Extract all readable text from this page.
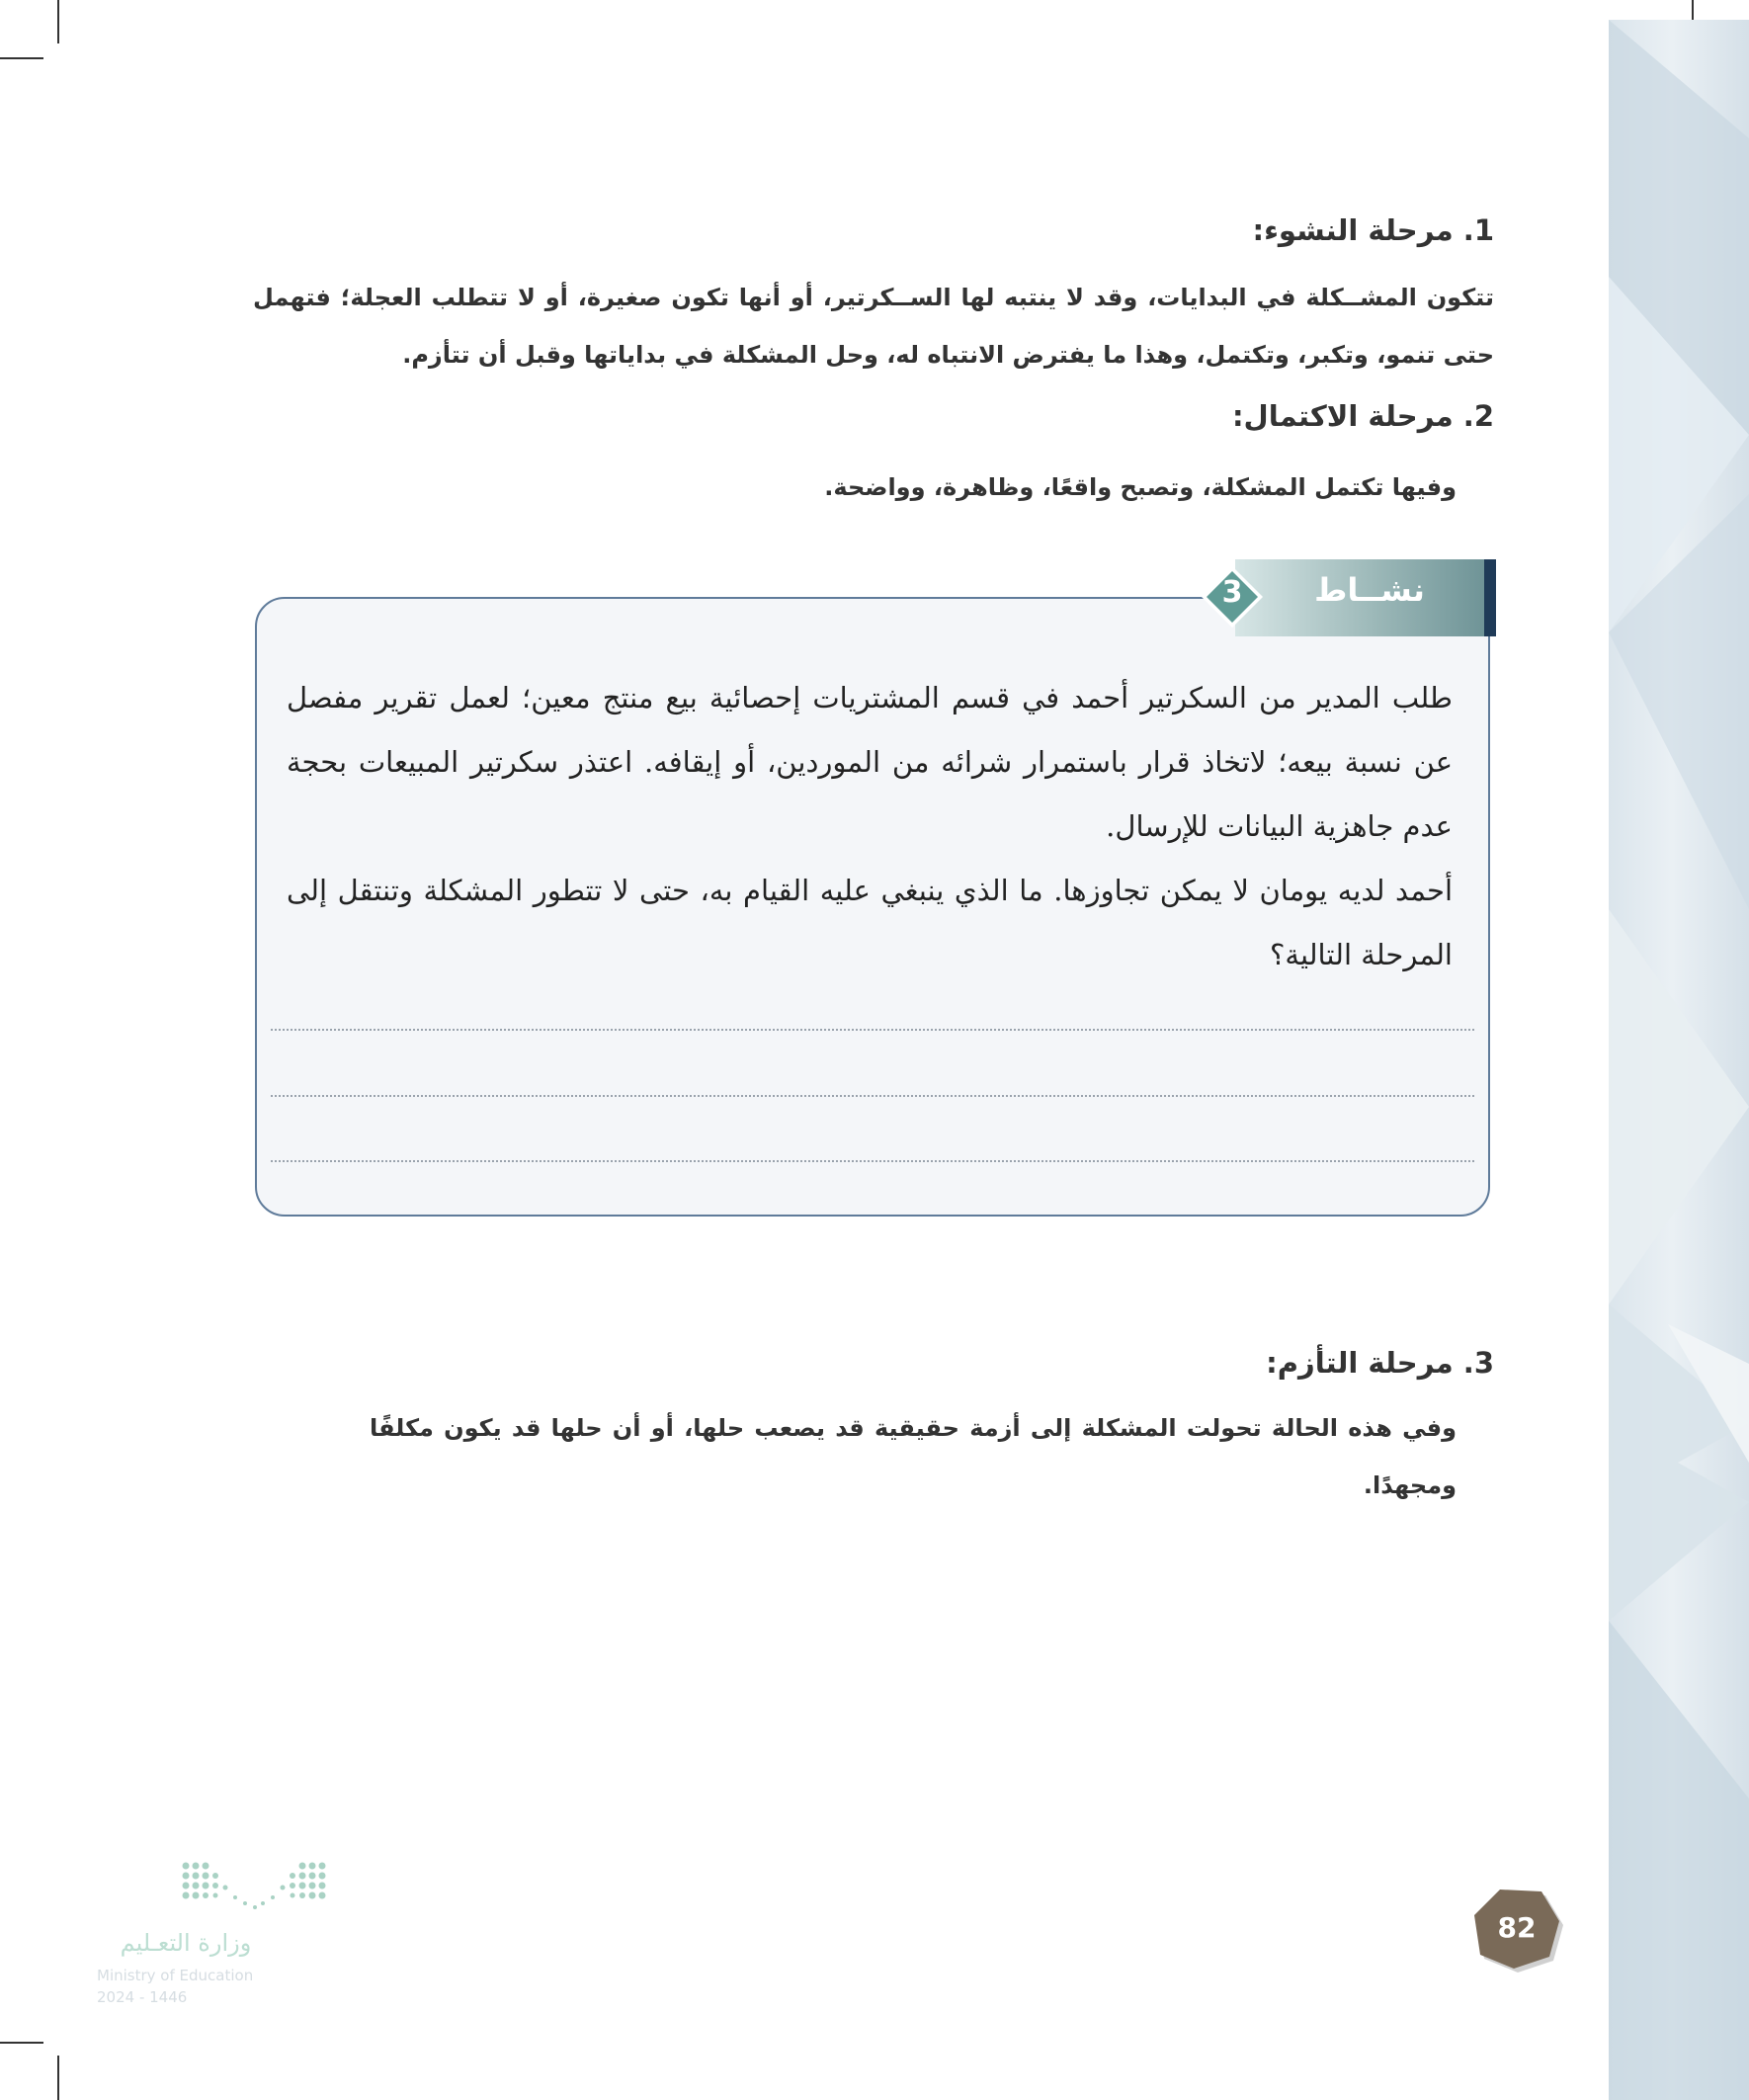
1. مرحلة النشوء:
تتكون المشــكلة في البدايات، وقد لا ينتبه لها الســكرتير، أو أنها تكون صغيرة، أو لا تتطلب العجلة؛ فتهمل حتى تنمو، وتكبر، وتكتمل، وهذا ما يفترض الانتباه له، وحل المشكلة في بداياتها وقبل أن تتأزم.
2. مرحلة الاكتمال:
وفيها تكتمل المشكلة، وتصبح واقعًا، وظاهرة، وواضحة.
طلب المدير من السكرتير أحمد في قسم المشتريات إحصائية بيع منتج معين؛ لعمل تقرير مفصل عن نسبة بيعه؛ لاتخاذ قرار باستمرار شرائه من الموردين، أو إيقافه. اعتذر سكرتير المبيعات بحجة عدم جاهزية البيانات للإرسال.
أحمد لديه يومان لا يمكن تجاوزها. ما الذي ينبغي عليه القيام به، حتى لا تتطور المشكلة وتنتقل إلى المرحلة التالية؟
نشــاط
3
3. مرحلة التأزم:
وفي هذه الحالة تحولت المشكلة إلى أزمة حقيقية قد يصعب حلها، أو أن حلها قد يكون مكلفًا ومجهدًا.
وزارة التعـليم
Ministry of Education
2024 - 1446
82
